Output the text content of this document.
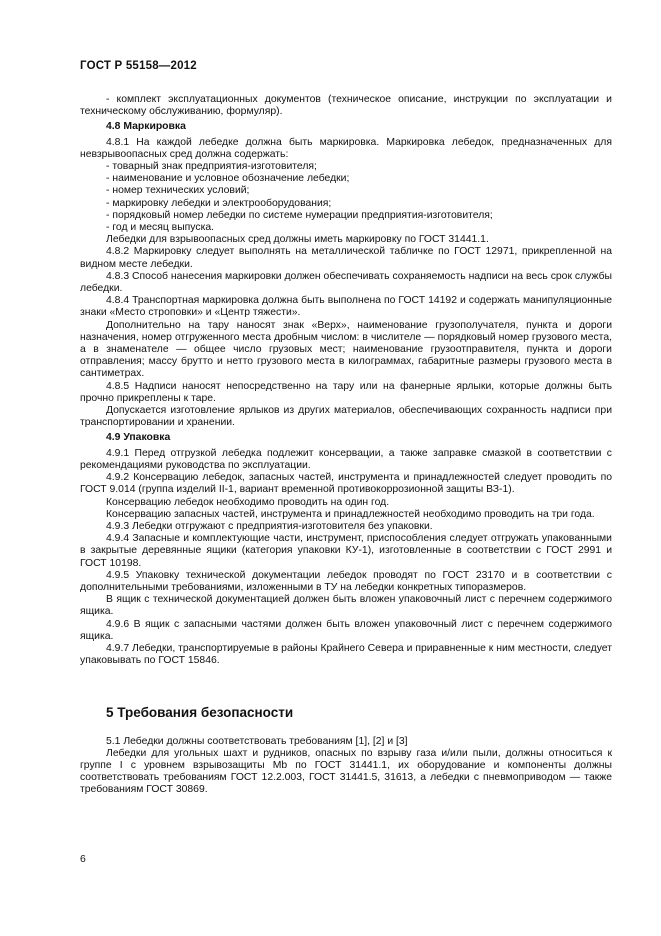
ГОСТ Р 55158—2012

- комплект эксплуатационных документов (техническое описание, инструкции по эксплуатации и техническому обслуживанию, формуляр).

4.8 Маркировка

4.8.1 На каждой лебедке должна быть маркировка. Маркировка лебедок, предназначенных для невзрывоопасных сред должна содержать:

- товарный знак предприятия-изготовителя;

- наименование и условное обозначение лебедки;

- номер технических условий;

- маркировку лебедки и электрооборудования;

- порядковый номер лебедки по системе нумерации предприятия-изготовителя;

- год и месяц выпуска.

Лебедки для взрывоопасных сред должны иметь маркировку по ГОСТ 31441.1.

4.8.2 Маркировку следует выполнять на металлической табличке по ГОСТ 12971, прикрепленной на видном месте лебедки.

4.8.3 Способ нанесения маркировки должен обеспечивать сохраняемость надписи на весь срок службы лебедки.

4.8.4 Транспортная маркировка должна быть выполнена по ГОСТ 14192 и содержать манипуляционные знаки «Место строповки» и «Центр тяжести».

Дополнительно на тару наносят знак «Верх», наименование грузополучателя, пункта и дороги назначения, номер отгруженного места дробным числом: в числителе — порядковый номер грузового места, а в знаменателе — общее число грузовых мест; наименование грузоотправителя, пункта и дороги отправления; массу брутто и нетто грузового места в килограммах, габаритные размеры грузового места в сантиметрах.

4.8.5 Надписи наносят непосредственно на тару или на фанерные ярлыки, которые должны быть прочно прикреплены к таре.

Допускается изготовление ярлыков из других материалов, обеспечивающих сохранность надписи при транспортировании и хранении.

4.9 Упаковка

4.9.1 Перед отгрузкой лебедка подлежит консервации, а также заправке смазкой в соответствии с рекомендациями руководства по эксплуатации.

4.9.2 Консервацию лебедок, запасных частей, инструмента и принадлежностей следует проводить по ГОСТ 9.014 (группа изделий II-1, вариант временной противокоррозионной защиты ВЗ-1).

Консервацию лебедок необходимо проводить на один год.

Консервацию запасных частей, инструмента и принадлежностей необходимо проводить на три года.

4.9.3 Лебедки отгружают с предприятия-изготовителя без упаковки.

4.9.4 Запасные и комплектующие части, инструмент, приспособления следует отгружать упакованными в закрытые деревянные ящики (категория упаковки КУ-1), изготовленные в соответствии с ГОСТ 2991 и ГОСТ 10198.

4.9.5 Упаковку технической документации лебедок проводят по ГОСТ 23170 и в соответствии с дополнительными требованиями, изложенными в ТУ на лебедки конкретных типоразмеров.

В ящик с технической документацией должен быть вложен упаковочный лист с перечнем содержимого ящика.

4.9.6 В ящик с запасными частями должен быть вложен упаковочный лист с перечнем содержимого ящика.

4.9.7 Лебедки, транспортируемые в районы Крайнего Севера и приравненные к ним местности, следует упаковывать по ГОСТ 15846.

5 Требования безопасности

5.1 Лебедки должны соответствовать требованиям [1], [2] и [3]

Лебедки для угольных шахт и рудников, опасных по взрыву газа и/или пыли, должны относиться к группе I с уровнем взрывозащиты Mb по ГОСТ 31441.1, их оборудование и компоненты должны соответствовать требованиям ГОСТ 12.2.003, ГОСТ 31441.5, 31613, а лебедки с пневмоприводом — также требованиям ГОСТ 30869.

6
